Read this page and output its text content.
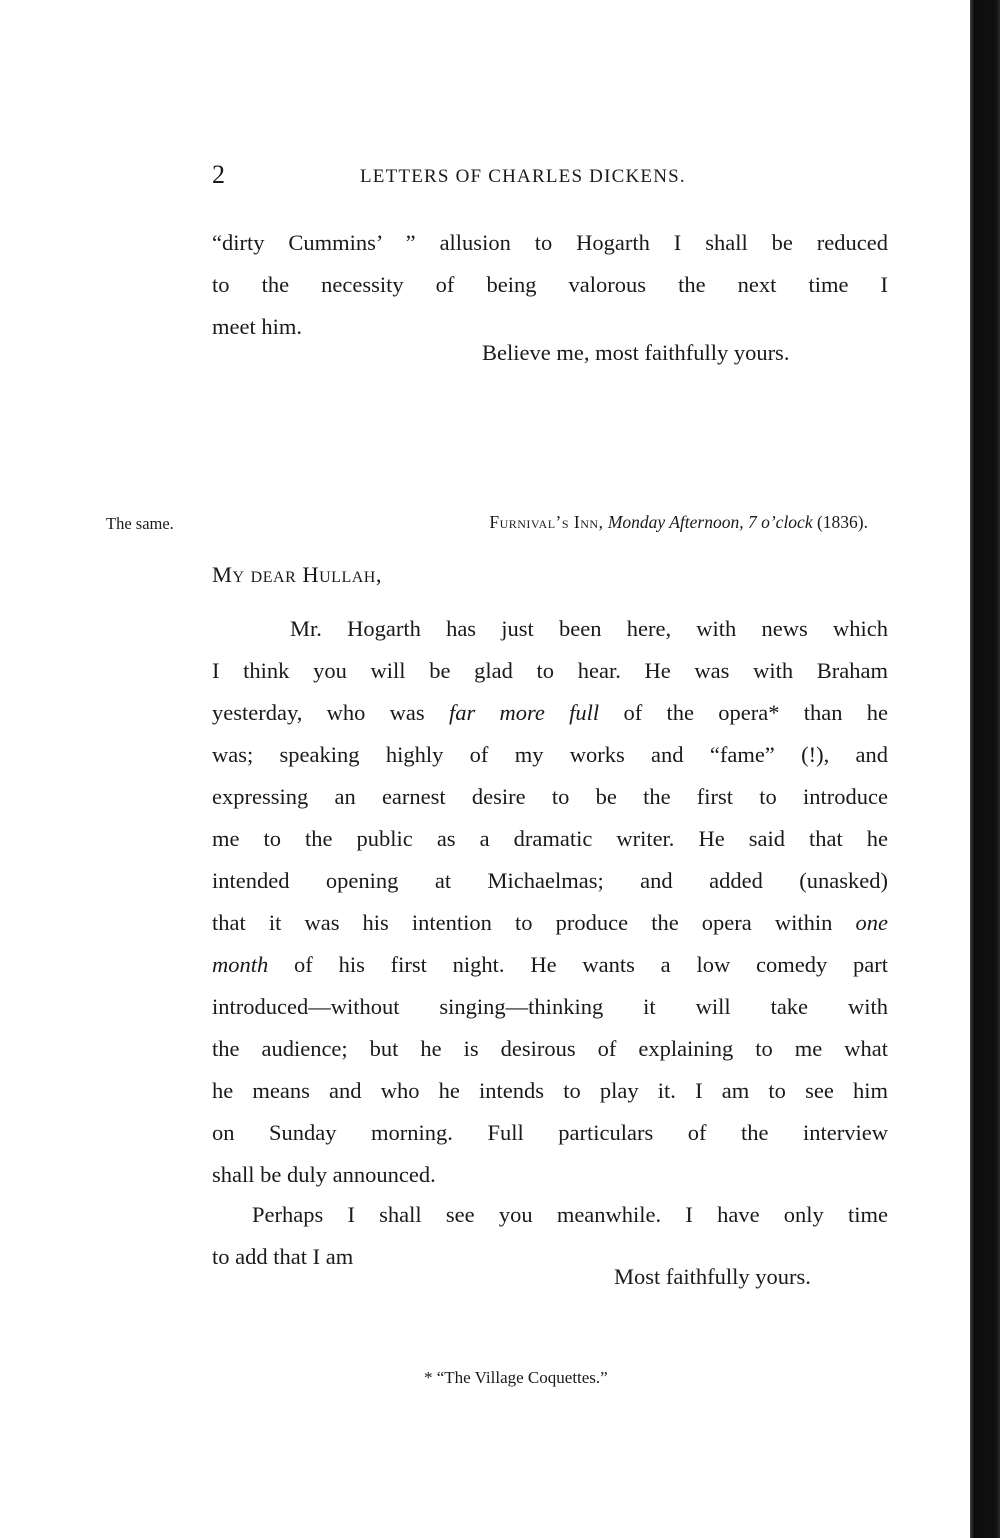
2	LETTERS OF CHARLES DICKENS.
“dirty Cummins’ ” allusion to Hogarth I shall be reduced
to the necessity of being valorous the next time I
meet him.
Believe me, most faithfully yours.
The same.	Furnival’s Inn, Monday Afternoon, 7 o’clock (1836).
My dear Hullah,
Mr. Hogarth has just been here, with news which
I think you will be glad to hear. He was with Braham
yesterday, who was far more full of the opera* than he
was; speaking highly of my works and “fame” (!), and
expressing an earnest desire to be the first to introduce
me to the public as a dramatic writer. He said that he
intended opening at Michaelmas; and added (unasked)
that it was his intention to produce the opera within one
month of his first night. He wants a low comedy part
introduced—without singing—thinking it will take with
the audience; but he is desirous of explaining to me what
he means and who he intends to play it. I am to see him
on Sunday morning. Full particulars of the interview
shall be duly announced.
Perhaps I shall see you meanwhile. I have only time
to add that I am
Most faithfully yours.
* “The Village Coquettes.”
